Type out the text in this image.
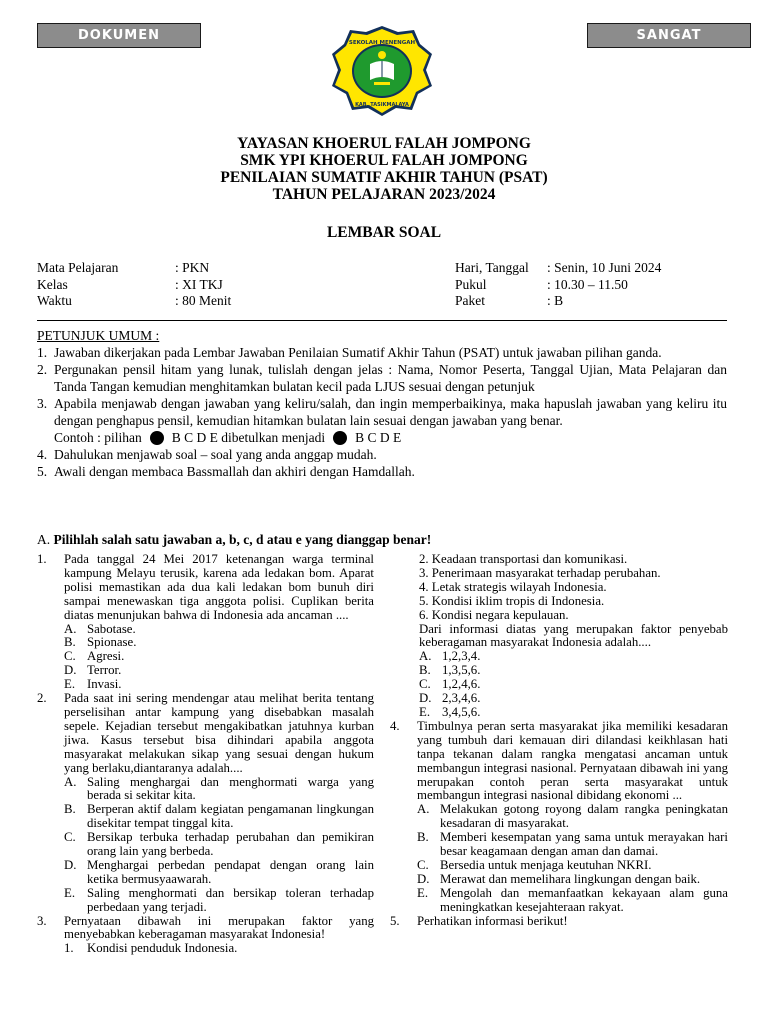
DOKUMEN	SANGAT
SEKOLAH MENENGAH
KAB. TASIKMALAYA
YAYASAN KHOERUL FALAH JOMPONG
SMK YPI KHOERUL FALAH JOMPONG
PENILAIAN SUMATIF AKHIR TAHUN (PSAT)
TAHUN PELAJARAN 2023/2024
LEMBAR SOAL
Mata Pelajaran	: PKN
Kelas	: XI TKJ
Waktu	: 80 Menit
Hari, Tanggal	: Senin, 10 Juni 2024
Pukul	: 10.30 – 11.50
Paket	: B
PETUNJUK UMUM :
1. Jawaban dikerjakan pada Lembar Jawaban Penilaian Sumatif Akhir Tahun (PSAT) untuk jawaban pilihan ganda.
2. Pergunakan pensil hitam yang lunak, tulislah dengan jelas : Nama, Nomor Peserta, Tanggal Ujian, Mata Pelajaran dan Tanda Tangan kemudian menghitamkan bulatan kecil pada LJUS sesuai dengan petunjuk
3. Apabila menjawab dengan jawaban yang keliru/salah, dan ingin memperbaikinya, maka hapuslah jawaban yang keliru itu dengan penghapus pensil, kemudian hitamkan bulatan lain sesuai dengan jawaban yang benar.
Contoh : pilihan B C D E dibetulkan menjadi B C D E
4. Dahulukan menjawab soal – soal yang anda anggap mudah.
5. Awali dengan membaca Bassmallah dan akhiri dengan Hamdallah.
A. Pilihlah salah satu jawaban a, b, c, d atau e yang dianggap benar!
1.	Pada tanggal 24 Mei 2017 ketenangan warga terminal kampung Melayu terusik, karena ada ledakan bom. Aparat polisi memastikan ada dua kali ledakan bom bunuh diri sampai menewaskan tiga anggota polisi. Cuplikan berita diatas menunjukan bahwa di Indonesia ada ancaman ....
A. Sabotase.
B. Spionase.
C. Agresi.
D. Terror.
E. Invasi.
2.	Pada saat ini sering mendengar atau melihat berita tentang perselisihan antar kampung yang disebabkan masalah sepele. Kejadian tersebut mengakibatkan jatuhnya kurban jiwa. Kasus tersebut bisa dihindari apabila anggota masyarakat melakukan sikap yang sesuai dengan hukum yang berlaku,diantaranya adalah....
A. Saling menghargai dan menghormati warga yang berada si sekitar kita.
B. Berperan aktif dalam kegiatan pengamanan lingkungan disekitar tempat tinggal kita.
C. Bersikap terbuka terhadap perubahan dan pemikiran orang lain yang berbeda.
D. Menghargai perbedan pendapat dengan orang lain ketika bermusyaawarah.
E. Saling menghormati dan bersikap toleran terhadap perbedaan yang terjadi.
3.	Pernyataan dibawah ini merupakan faktor yang menyebabkan keberagaman masyarakat Indonesia!
1.	Kondisi penduduk Indonesia.
2. Keadaan transportasi dan komunikasi.
3. Penerimaan masyarakat terhadap perubahan.
4. Letak strategis wilayah Indonesia.
5. Kondisi iklim tropis di Indonesia.
6. Kondisi negara kepulauan.
Dari informasi diatas yang merupakan faktor penyebab keberagaman masyarakat Indonesia adalah....
A. 1,2,3,4.
B. 1,3,5,6.
C. 1,2,4,6.
D. 2,3,4,6.
E. 3,4,5,6.
4.	Timbulnya peran serta masyarakat jika memiliki kesadaran yang tumbuh dari kemauan diri dilandasi keikhlasan hati tanpa tekanan dalam rangka mengatasi ancaman untuk membangun integrasi nasional. Pernyataan dibawah ini yang merupakan contoh peran serta masyarakat untuk membangun integrasi nasional dibidang ekonomi ...
A. Melakukan gotong royong dalam rangka peningkatan kesadaran di masyarakat.
B. Memberi kesempatan yang sama untuk merayakan hari besar keagamaan dengan aman dan damai.
C. Bersedia untuk menjaga keutuhan NKRI.
D. Merawat dan memelihara lingkungan dengan baik.
E. Mengolah dan memanfaatkan kekayaan alam guna meningkatkan kesejahteraan rakyat.
5.	Perhatikan informasi berikut!
